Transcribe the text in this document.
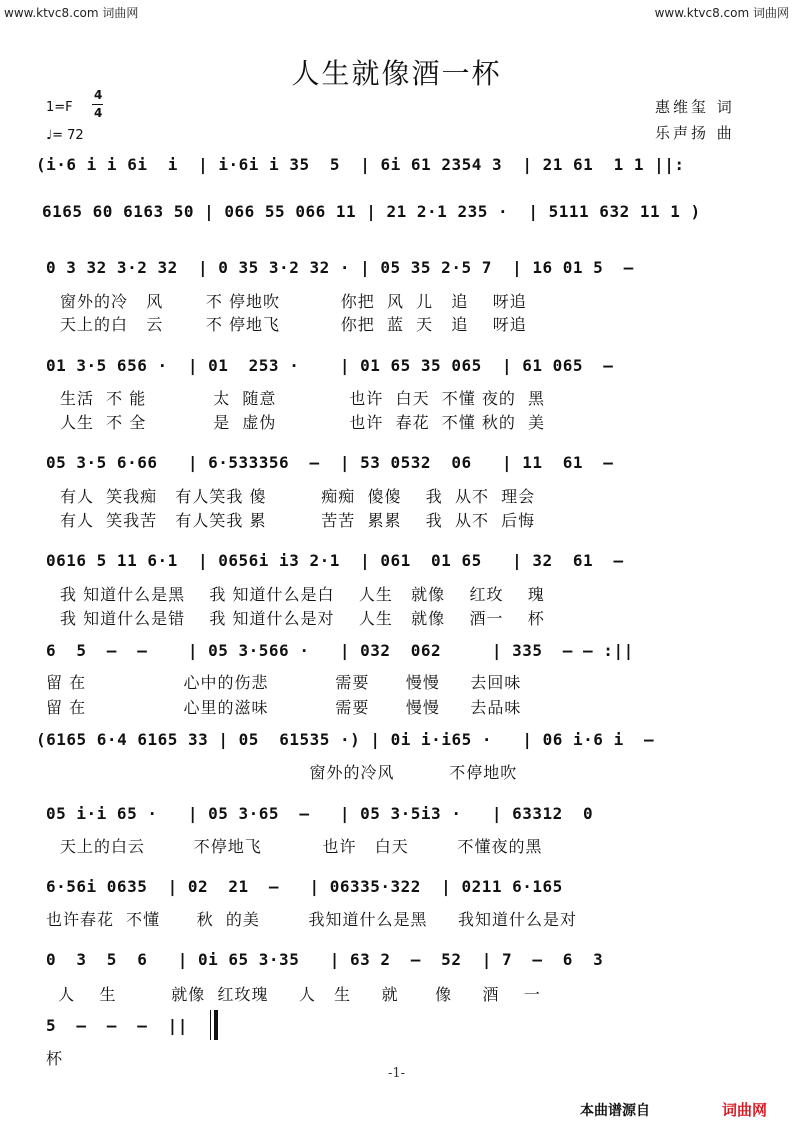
www.ktvc8.com 词曲网	www.ktvc8.com 词曲网
人生就像酒一杯
1=F
4
4
♩= 72
惠维玺 词
乐声扬 曲
(i·6 i i 6i  i  | i·6i i 35  5  | 6i 61 2354 3  | 21 61  1 1 ||:
6165 60 6163 50 | 066 55 066 11 | 21 2·1 235 ·  | 5111 632 11 1 )
0 3 32 3·2 32  | 0 35 3·2 32 · | 05 35 2·5 7  | 16 01 5  –
窗外的冷   风       不 停地吹          你把  风  儿   追    呀追
天上的白   云       不 停地飞          你把  蓝  天   追    呀追
01 3·5 656 ·  | 01  253 ·    | 01 65 35 065  | 61 065  –
生活  不 能           太  随意            也许  白天  不懂 夜的  黑
人生  不 全           是  虚伪            也许  春花  不懂 秋的  美
05 3·5 6·66   | 6·533356  –  | 53 0532  06   | 11  61  –
有人  笑我痴   有人笑我 傻         痴痴  傻傻    我  从不  理会
有人  笑我苦   有人笑我 累         苦苦  累累    我  从不  后悔
0616 5 11 6·1  | 0656i i3 2·1  | 061  01 65   | 32  61  –
我 知道什么是黑    我 知道什么是白    人生   就像    红玫    瑰
我 知道什么是错    我 知道什么是对    人生   就像    酒一    杯
6  5  –  –    | 05 3·566 ·   | 032  062     | 335  – – :||
留 在                心中的伤悲           需要      慢慢     去回味
留 在                心里的滋味           需要      慢慢     去品味
(6165 6·4 6165 33 | 05  61535 ·) | 0i i·i65 ·   | 06 i·6 i  –
窗外的冷风         不停地吹
05 i·i 65 ·   | 05 3·65  –   | 05 3·5i3 ·   | 63312  0
天上的白云        不停地飞          也许   白天        不懂夜的黑
6·56i 0635  | 02  21  –   | 06335·322  | 0211 6·165
也许春花  不懂      秋  的美        我知道什么是黑     我知道什么是对
0  3  5  6   | 0i 65 3·35   | 63 2  –  52  | 7  –  6  3
人    生         就像  红玫瑰     人   生     就      像     酒    一
5  –  –  –  ||
杯
-1-
本曲谱源自	词曲网
